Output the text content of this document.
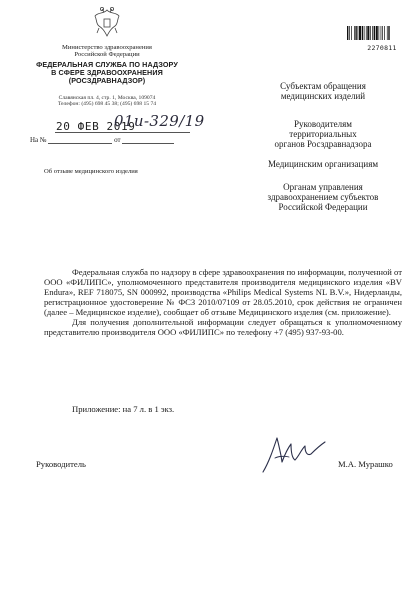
2270811
Министерство здравоохранения
Российской Федерации
ФЕДЕРАЛЬНАЯ СЛУЖБА ПО НАДЗОРУ
В СФЕРЕ ЗДРАВООХРАНЕНИЯ
(РОСЗДРАВНАДЗОР)
Славянская пл. 4, стр. 1, Москва, 109074
Телефон: (495) 698 45 38; (495) 698 15 74
20 ФЕВ 2019
01и-329/19
На №	от
Об отзыве медицинского изделия
Субъектам обращения
медицинских изделий
Руководителям
территориальных
органов Росздравнадзора
Медицинским организациям
Органам управления
здравоохранением субъектов
Российской Федерации

Федеральная служба по надзору в сфере здравоохранения по информации, полученной от ООО «ФИЛИПС», уполномоченного представителя производителя медицинского изделия «BV Endura», REF 718075, SN 000992, производства «Philips Medical Systems NL B.V.», Нидерланды, регистрационное удостоверение № ФСЗ 2010/07109 от 28.05.2010, срок действия не ограничен (далее – Медицинское изделие), сообщает об отзыве Медицинского изделия (см. приложение).

Для получения дополнительной информации следует обращаться к уполномоченному представителю производителя ООО «ФИЛИПС» по телефону +7 (495) 937-93-00.

Приложение: на 7 л. в 1 экз.
Руководитель	М.А. Мурашко
